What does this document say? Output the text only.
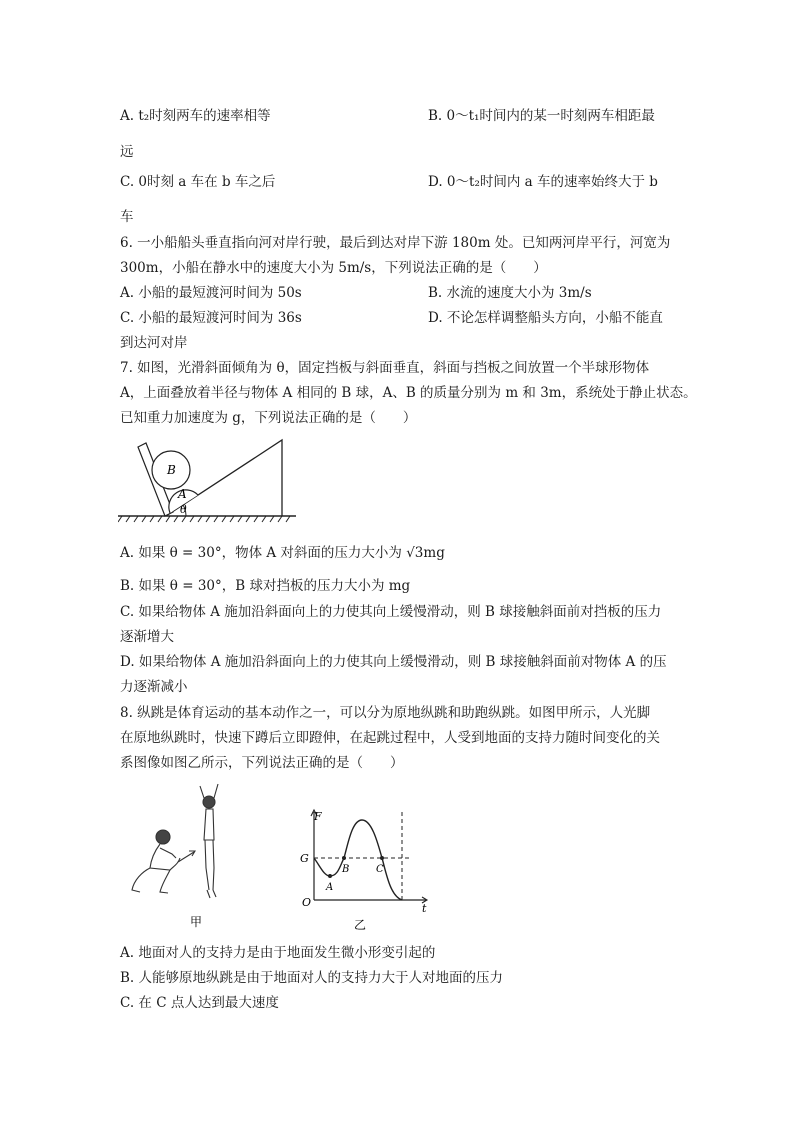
A. t₂时刻两车的速率相等	B. 0～t₁时间内的某一时刻两车相距最
远
C. 0时刻 a 车在 b 车之后	D. 0～t₂时间内 a 车的速率始终大于 b
车
6. 一小船船头垂直指向河对岸行驶，最后到达对岸下游 180m 处。已知两河岸平行，河宽为
300m，小船在静水中的速度大小为 5m/s，下列说法正确的是（　　）
A. 小船的最短渡河时间为 50s	B. 水流的速度大小为 3m/s
C. 小船的最短渡河时间为 36s	D. 不论怎样调整船头方向，小船不能直
到达河对岸
7. 如图，光滑斜面倾角为 θ，固定挡板与斜面垂直，斜面与挡板之间放置一个半球形物体
A，上面叠放着半径与物体 A 相同的 B 球，A、B 的质量分别为 m 和 3m，系统处于静止状态。
已知重力加速度为 g，下列说法正确的是（　　）
B
A
θ
A. 如果 θ = 30°，物体 A 对斜面的压力大小为 √3mg
B. 如果 θ = 30°，B 球对挡板的压力大小为 mg
C. 如果给物体 A 施加沿斜面向上的力使其向上缓慢滑动，则 B 球接触斜面前对挡板的压力
逐渐增大
D. 如果给物体 A 施加沿斜面向上的力使其向上缓慢滑动，则 B 球接触斜面前对物体 A 的压
力逐渐减小
8. 纵跳是体育运动的基本动作之一，可以分为原地纵跳和助跑纵跳。如图甲所示，人光脚
在原地纵跳时，快速下蹲后立即蹬伸，在起跳过程中，人受到地面的支持力随时间变化的关
系图像如图乙所示，下列说法正确的是（　　）
甲
F
G
O	t
A
B	C
乙
A. 地面对人的支持力是由于地面发生微小形变引起的
B. 人能够原地纵跳是由于地面对人的支持力大于人对地面的压力
C. 在 C 点人达到最大速度
